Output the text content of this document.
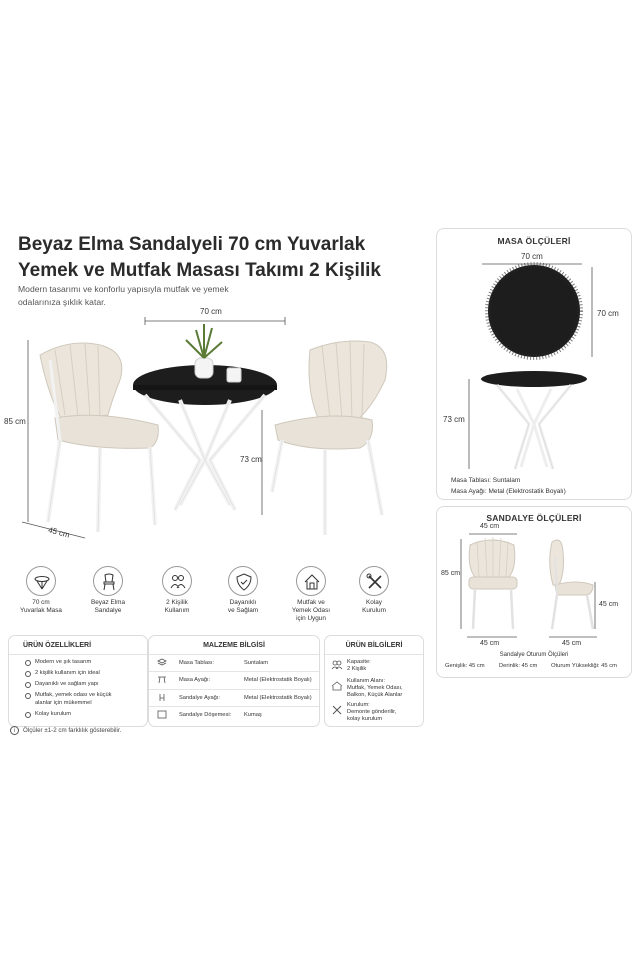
Beyaz Elma Sandalyeli 70 cm Yuvarlak
Yemek ve Mutfak Masası Takımı 2 Kişilik
Modern tasarımı ve konforlu yapısıyla mutfak ve yemek
odalarınıza şıklık katar.
70 cm
85 cm
45 cm
73 cm
MASA ÖLÇÜLERİ
70 cm
70 cm
73 cm
Masa Tablası: Suntalam
Masa Ayağı: Metal (Elektrostatik Boyalı)
SANDALYE ÖLÇÜLERİ
45 cm
85 cm
45 cm
45 cm	45 cm
Sandalye Oturum Ölçüleri
Genişlik: 45 cm Derinlik: 45 cm Oturum Yüksekliği: 45 cm
70 cm
Yuvarlak Masa
Beyaz Elma
Sandalye
2 Kişilik
Kullanım
Dayanıklı
ve Sağlam
Mutfak ve
Yemek Odası
için Uygun
Kolay
Kurulum
ÜRÜN ÖZELLİKLERİ
Modern ve şık tasarım
2 kişilik kullanım için ideal
Dayanıklı ve sağlam yapı
Mutfak, yemek odası ve küçük
alanlar için mükemmel
Kolay kurulum
MALZEME BİLGİSİ
Masa Tablası:	Suntalam
Masa Ayağı:	Metal (Elektrostatik Boyalı)
Sandalye Ayağı:	Metal (Elektrostatik Boyalı)
Sandalye Döşemesi: Kumaş
ÜRÜN BİLGİLERİ
Kapasite:
2 Kişilik
Kullanım Alanı:
Mutfak, Yemek Odası,
Balkon, Küçük Alanlar
Kurulum:
Demonte gönderilir,
kolay kurulum
i	Ölçüler ±1-2 cm farklılık gösterebilir.
